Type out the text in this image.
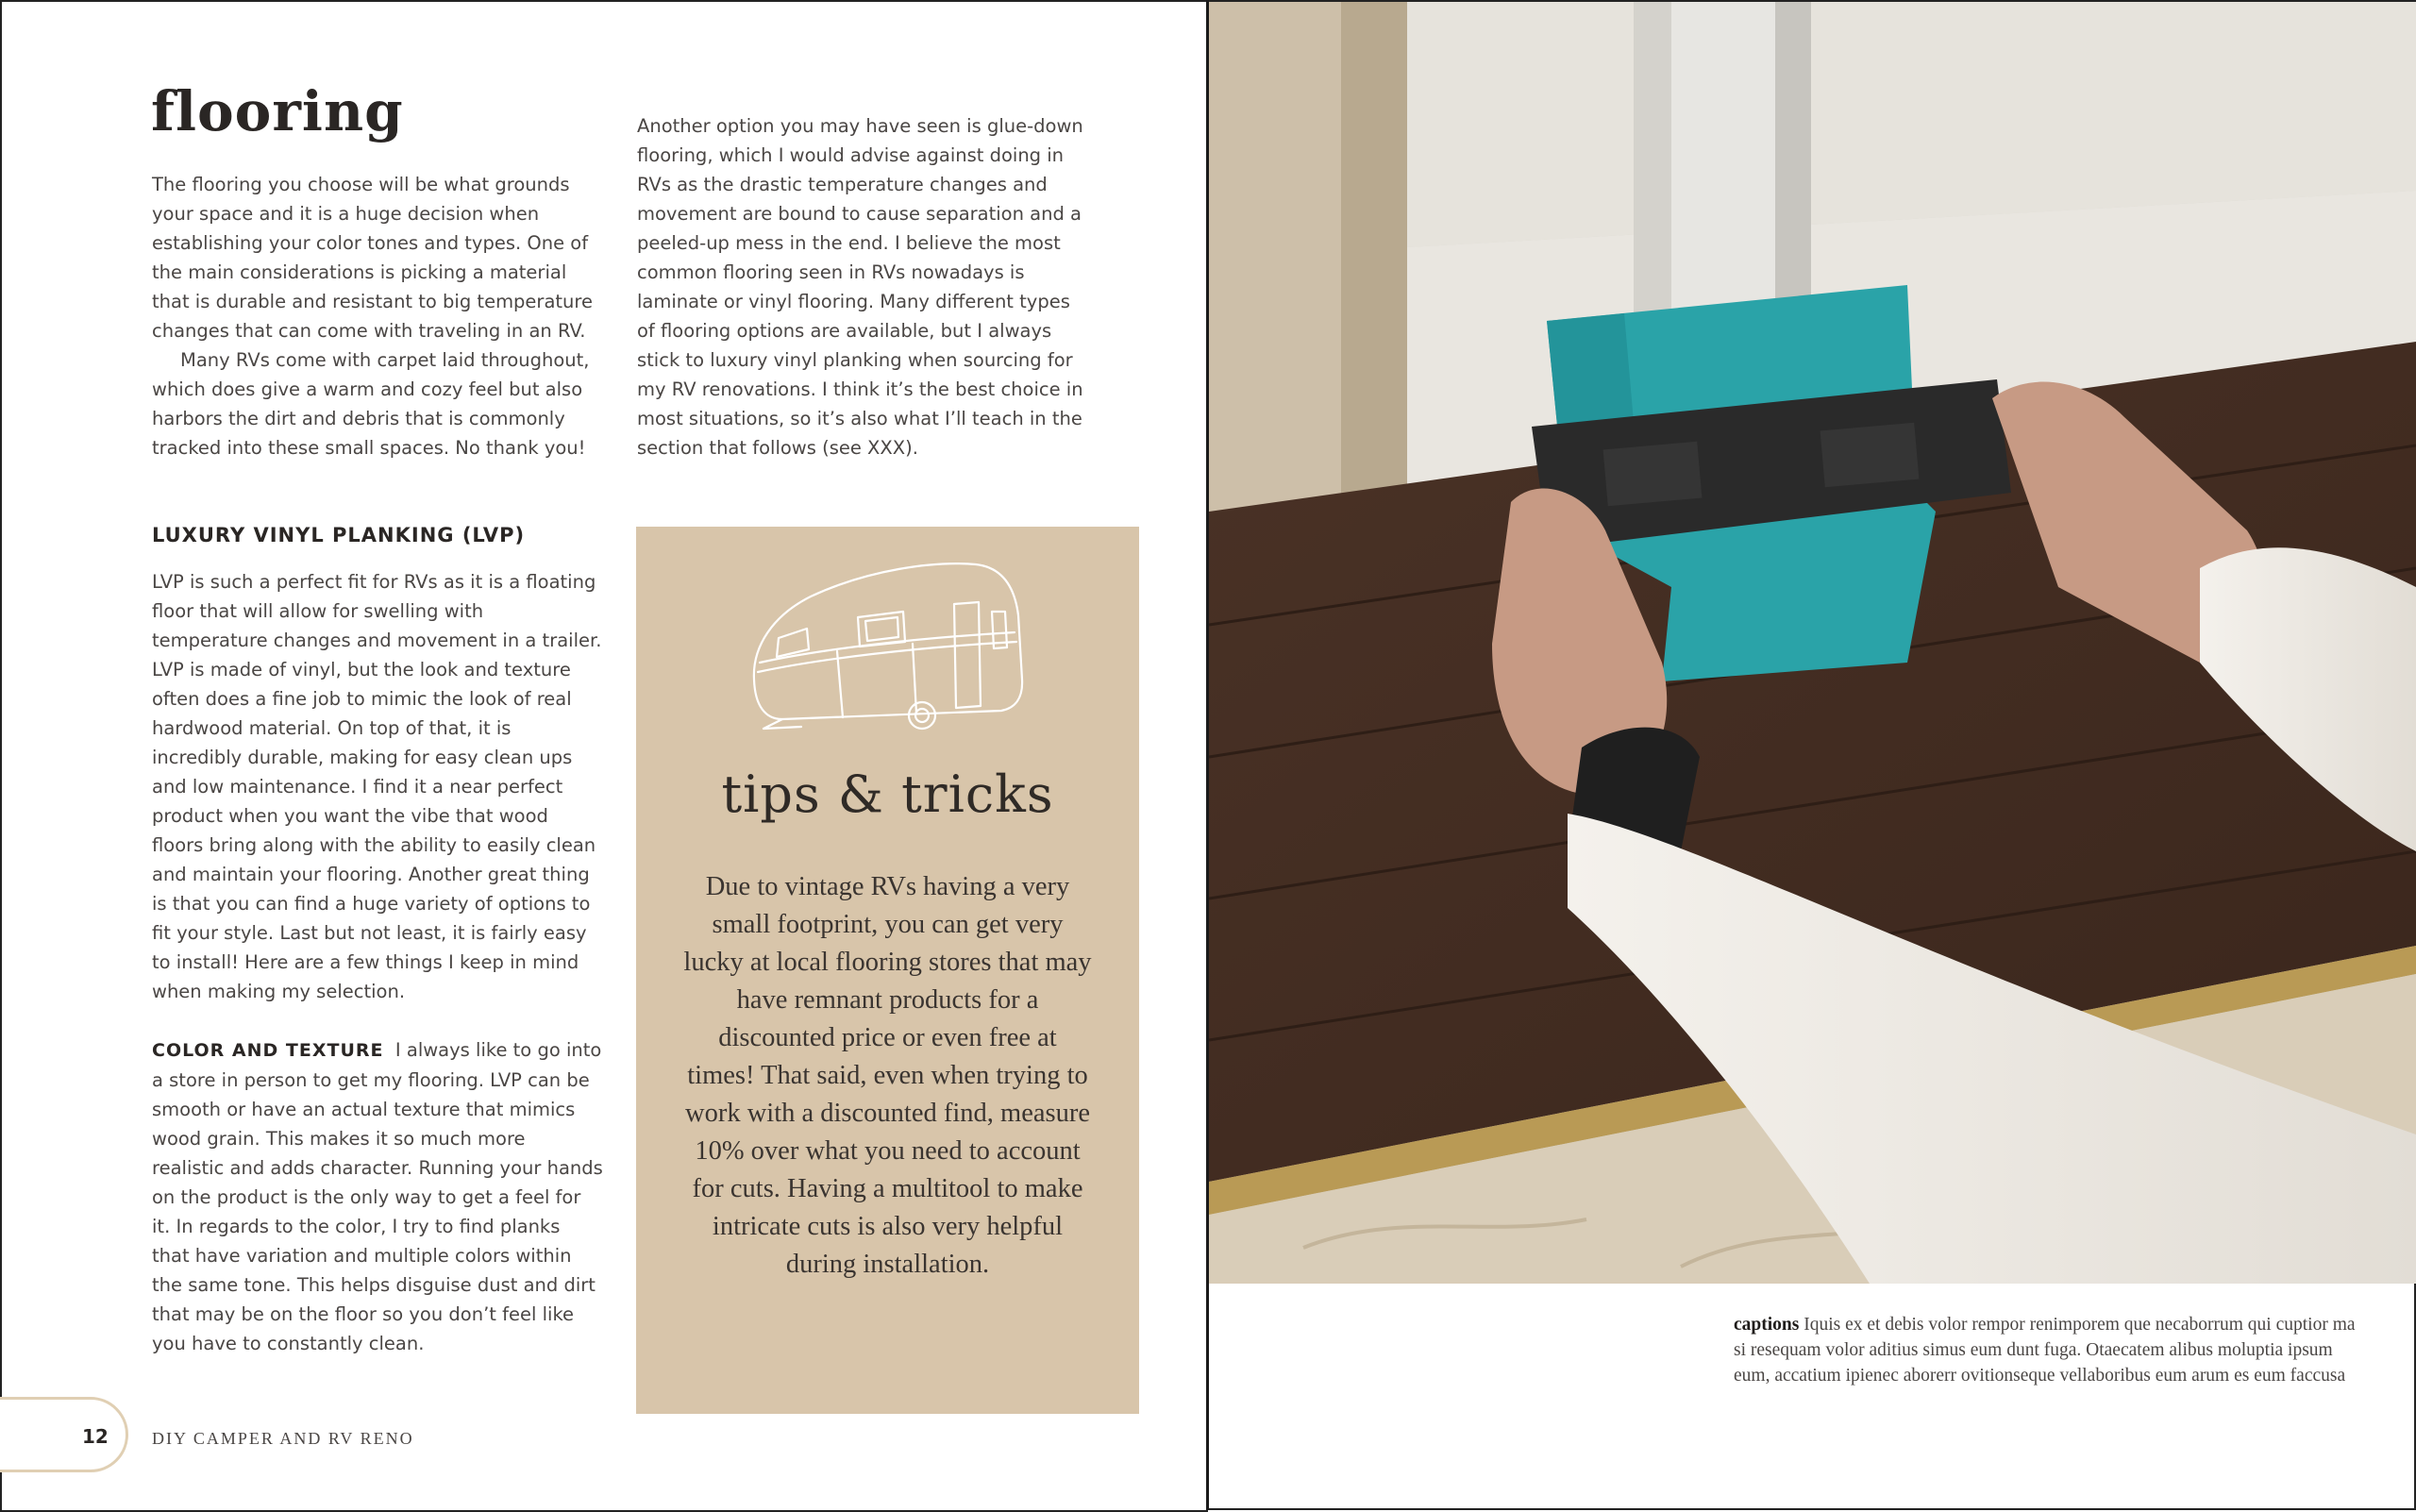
flooring

The flooring you choose will be what grounds your space and it is a huge decision when establishing your color tones and types. One of the main considerations is picking a material that is durable and resistant to big temperature changes that can come with traveling in an RV.

Many RVs come with carpet laid throughout, which does give a warm and cozy feel but also harbors the dirt and debris that is commonly tracked into these small spaces. No thank you!

Another option you may have seen is glue-down flooring, which I would advise against doing in RVs as the drastic temperature changes and movement are bound to cause separation and a peeled-up mess in the end. I believe the most common flooring seen in RVs nowadays is laminate or vinyl flooring. Many different types of flooring options are available, but I always stick to luxury vinyl planking when sourcing for my RV renovations. I think it’s the best choice in most situations, so it’s also what I’ll teach in the section that follows (see XXX).

LUXURY VINYL PLANKING (LVP)

LVP is such a perfect fit for RVs as it is a floating floor that will allow for swelling with temperature changes and movement in a trailer. LVP is made of vinyl, but the look and texture often does a fine job to mimic the look of real hardwood material. On top of that, it is incredibly durable, making for easy clean ups and low maintenance. I find it a near perfect product when you want the vibe that wood floors bring along with the ability to easily clean and maintain your flooring. Another great thing is that you can find a huge variety of options to fit your style. Last but not least, it is fairly easy to install! Here are a few things I keep in mind when making my selection.

COLOR AND TEXTURE I always like to go into a store in person to get my flooring. LVP can be smooth or have an actual texture that mimics wood grain. This makes it so much more realistic and adds character. Running your hands on the product is the only way to get a feel for it. In regards to the color, I try to find planks that have variation and multiple colors within the same tone. This helps disguise dust and dirt that may be on the floor so you don’t feel like you have to constantly clean.

tips & tricks
Due to vintage RVs having a very small footprint, you can get very lucky at local flooring stores that may have remnant products for a discounted price or even free at times! That said, even when trying to work with a discounted find, measure 10% over what you need to account for cuts. Having a multitool to make intricate cuts is also very helpful during installation.
12	DIY CAMPER AND RV RENO
captions Iquis ex et debis volor rempor renimporem que necaborrum qui cuptior ma si resequam volor aditius simus eum dunt fuga. Otaecatem alibus moluptia ipsum eum, accatium ipienec aborerr ovitionseque vellaboribus eum arum es eum faccusa
